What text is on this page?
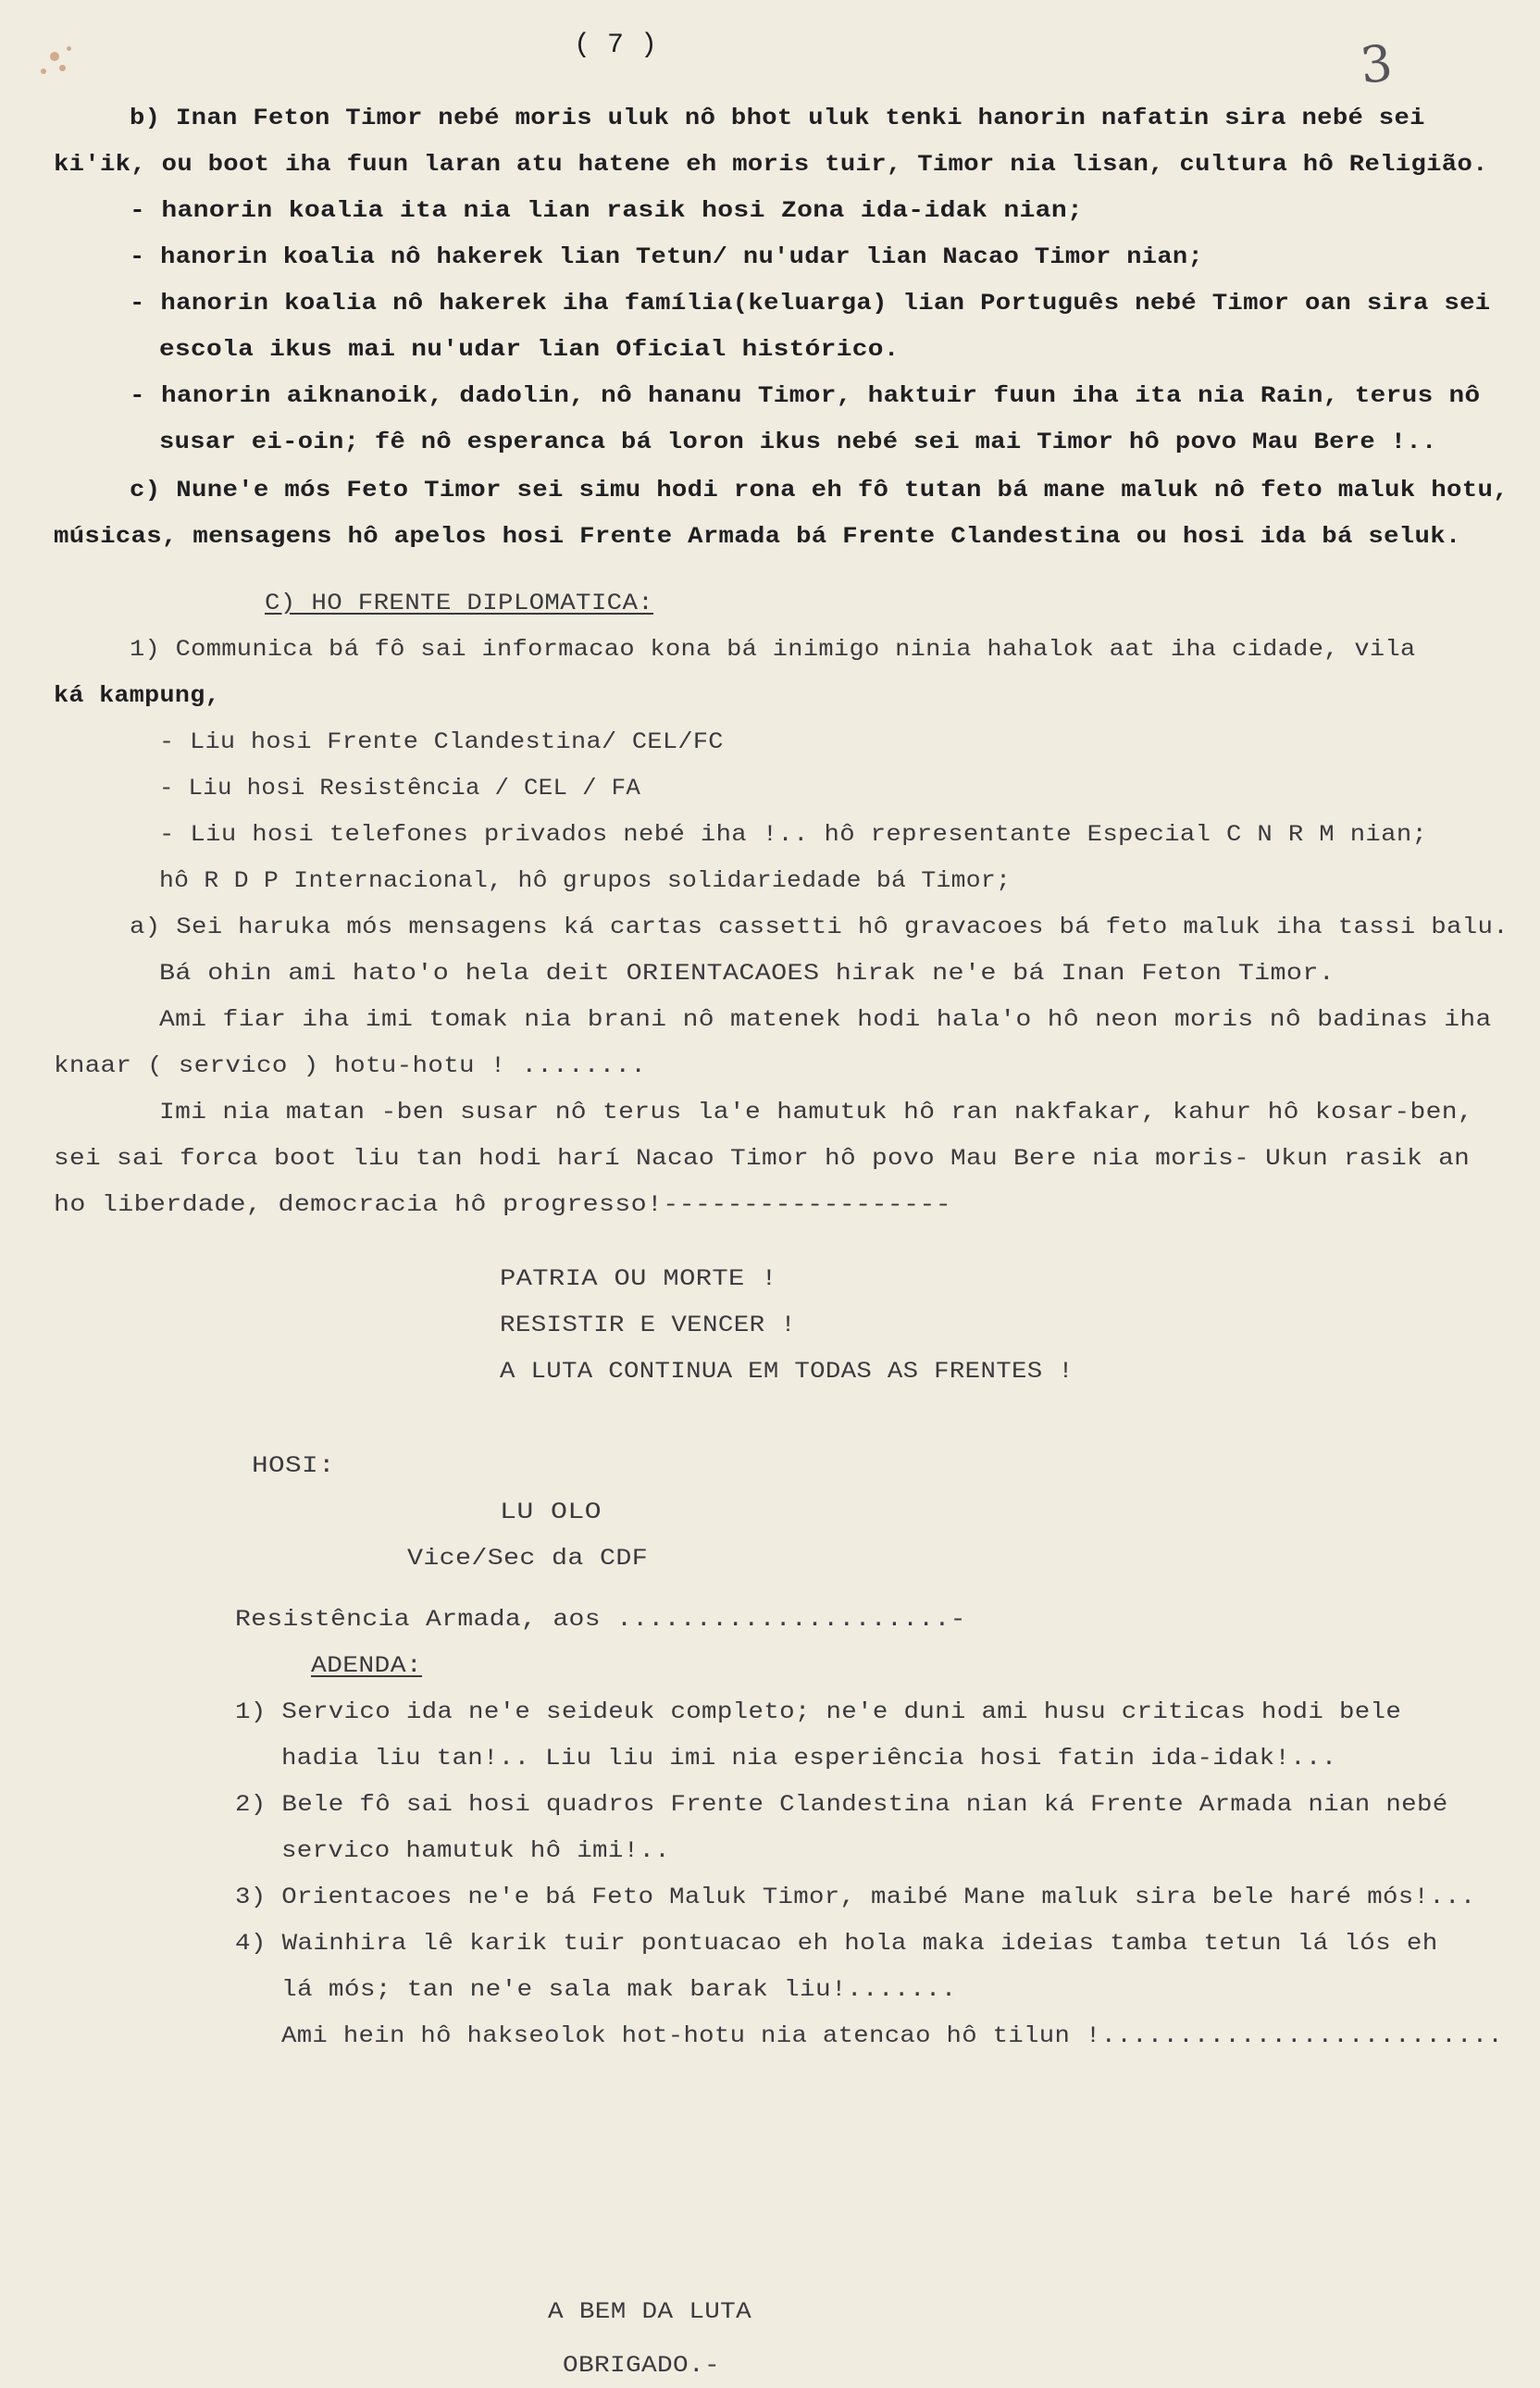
( 7 )	3
b) Inan Feton Timor nebé moris uluk nô bhot uluk tenki hanorin nafatin sira nebé sei
ki'ik, ou boot iha fuun laran atu hatene eh moris tuir, Timor nia lisan, cultura hô Religião.
- hanorin koalia ita nia lian rasik hosi Zona ida-idak nian;
- hanorin koalia nô hakerek lian Tetun/ nu'udar lian Nacao Timor nian;
- hanorin koalia nô hakerek iha família(keluarga) lian Português nebé Timor oan sira sei
escola ikus mai nu'udar lian Oficial histórico.
- hanorin aiknanoik, dadolin, nô hananu Timor, haktuir fuun iha ita nia Rain, terus nô
susar ei-oin; fê nô esperanca bá loron ikus nebé sei mai Timor hô povo Mau Bere !..
c) Nune'e mós Feto Timor sei simu hodi rona eh fô tutan bá mane maluk nô feto maluk hotu,
músicas, mensagens hô apelos hosi Frente Armada bá Frente Clandestina ou hosi ida bá seluk.
C) HO FRENTE DIPLOMATICA:
1) Communica bá fô sai informacao kona bá inimigo ninia hahalok aat iha cidade, vila
ká kampung,
- Liu hosi Frente Clandestina/ CEL/FC
- Liu hosi Resistência / CEL / FA
- Liu hosi telefones privados nebé iha !.. hô representante Especial C N R M nian;
hô R D P Internacional, hô grupos solidariedade bá Timor;
a) Sei haruka mós mensagens ká cartas cassetti hô gravacoes bá feto maluk iha tassi balu.
Bá ohin ami hato'o hela deit ORIENTACAOES hirak ne'e bá Inan Feton Timor.
Ami fiar iha imi tomak nia brani nô matenek hodi hala'o hô neon moris nô badinas iha
knaar ( servico ) hotu-hotu ! ........
Imi nia matan -ben susar nô terus la'e hamutuk hô ran nakfakar, kahur hô kosar-ben,
sei sai forca boot liu tan hodi harí Nacao Timor hô povo Mau Bere nia moris- Ukun rasik an
ho liberdade, democracia hô progresso!------------------
PATRIA OU MORTE !
RESISTIR E VENCER !
A LUTA CONTINUA EM TODAS AS FRENTES !
HOSI:
LU OLO
Vice/Sec da CDF
Resistência Armada, aos .....................-
ADENDA:
1) Servico ida ne'e seideuk completo; ne'e duni ami husu criticas hodi bele
hadia liu tan!.. Liu liu imi nia esperiência hosi fatin ida-idak!...
2) Bele fô sai hosi quadros Frente Clandestina nian ká Frente Armada nian nebé
servico hamutuk hô imi!..
3) Orientacoes ne'e bá Feto Maluk Timor, maibé Mane maluk sira bele haré mós!...
4) Wainhira lê karik tuir pontuacao eh hola maka ideias tamba tetun lá lós eh
lá mós; tan ne'e sala mak barak liu!.......
Ami hein hô hakseolok hot-hotu nia atencao hô tilun !..........................
A BEM DA LUTA
OBRIGADO.-
